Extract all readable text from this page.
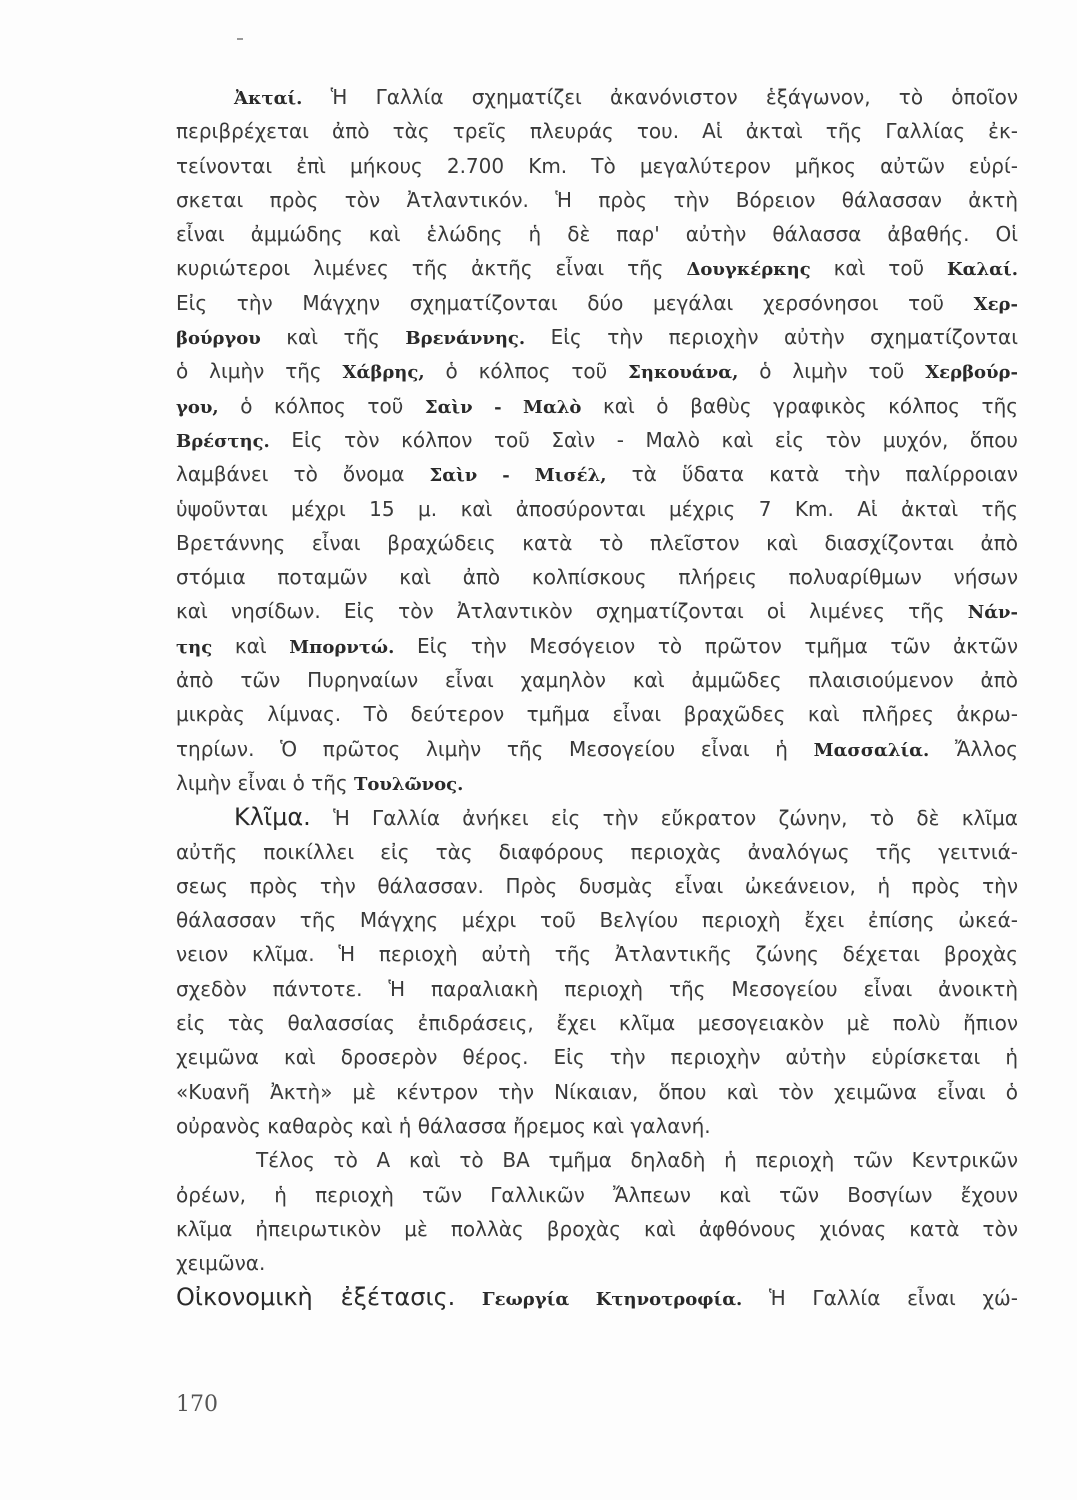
Ἀκταί. Ἡ Γαλλία σχηματίζει ἀκανόνιστον ἑξάγωνον, τὸ ὁποῖον
περιβρέχεται ἀπὸ τὰς τρεῖς πλευράς του. Αἱ ἀκταὶ τῆς Γαλλίας ἐκ-
τείνονται ἐπὶ μήκους 2.700 Km. Τὸ μεγαλύτερον μῆκος αὐτῶν εὑρί-
σκεται πρὸς τὸν Ἀτλαντικόν. Ἡ πρὸς τὴν Βόρειον θάλασσαν ἀκτὴ
εἶναι ἀμμώδης καὶ ἑλώδης ἡ δὲ παρ' αὐτὴν θάλασσα ἀβαθής. Οἱ
κυριώτεροι λιμένες τῆς ἀκτῆς εἶναι τῆς Δουγκέρκης καὶ τοῦ Καλαί.
Εἰς τὴν Μάγχην σχηματίζονται δύο μεγάλαι χερσόνησοι τοῦ Χερ-
βούργου καὶ τῆς Βρενάννης. Εἰς τὴν περιοχὴν αὐτὴν σχηματίζονται
ὁ λιμὴν τῆς Χάβρης, ὁ κόλπος τοῦ Σηκουάνα, ὁ λιμὴν τοῦ Χερβούρ-
γου, ὁ κόλπος τοῦ Σαὶν - Μαλὸ καὶ ὁ βαθὺς γραφικὸς κόλπος τῆς
Βρέστης. Εἰς τὸν κόλπον τοῦ Σαὶν - Μαλὸ καὶ εἰς τὸν μυχόν, ὅπου
λαμβάνει τὸ ὄνομα Σαὶν - Μισέλ, τὰ ὕδατα κατὰ τὴν παλίρροιαν
ὑψοῦνται μέχρι 15 μ. καὶ ἀποσύρονται μέχρις 7 Km. Αἱ ἀκταὶ τῆς
Βρετάννης εἶναι βραχώδεις κατὰ τὸ πλεῖστον καὶ διασχίζονται ἀπὸ
στόμια ποταμῶν καὶ ἀπὸ κολπίσκους πλήρεις πολυαρίθμων νήσων
καὶ νησίδων. Εἰς τὸν Ἀτλαντικὸν σχηματίζονται οἱ λιμένες τῆς Νάν-
της καὶ Μπορντώ. Εἰς τὴν Μεσόγειον τὸ πρῶτον τμῆμα τῶν ἀκτῶν
ἀπὸ τῶν Πυρηναίων εἶναι χαμηλὸν καὶ ἀμμῶδες πλαισιούμενον ἀπὸ
μικρὰς λίμνας. Τὸ δεύτερον τμῆμα εἶναι βραχῶδες καὶ πλῆρες ἀκρω-
τηρίων. Ὁ πρῶτος λιμὴν τῆς Μεσογείου εἶναι ἡ Μασσαλία. Ἄλλος
λιμὴν εἶναι ὁ τῆς Τουλῶνος.
Κλῖμα. Ἡ Γαλλία ἀνήκει εἰς τὴν εὔκρατον ζώνην, τὸ δὲ κλῖμα
αὐτῆς ποικίλλει εἰς τὰς διαφόρους περιοχὰς ἀναλόγως τῆς γειτνιά-
σεως πρὸς τὴν θάλασσαν. Πρὸς δυσμὰς εἶναι ὠκεάνειον, ἡ πρὸς τὴν
θάλασσαν τῆς Μάγχης μέχρι τοῦ Βελγίου περιοχὴ ἔχει ἐπίσης ὠκεά-
νειον κλῖμα. Ἡ περιοχὴ αὐτὴ τῆς Ἀτλαντικῆς ζώνης δέχεται βροχὰς
σχεδὸν πάντοτε. Ἡ παραλιακὴ περιοχὴ τῆς Μεσογείου εἶναι ἀνοικτὴ
εἰς τὰς θαλασσίας ἐπιδράσεις, ἔχει κλῖμα μεσογειακὸν μὲ πολὺ ἤπιον
χειμῶνα καὶ δροσερὸν θέρος. Εἰς τὴν περιοχὴν αὐτὴν εὑρίσκεται ἡ
«Κυανῆ Ἀκτὴ» μὲ κέντρον τὴν Νίκαιαν, ὅπου καὶ τὸν χειμῶνα εἶναι ὁ
οὐρανὸς καθαρὸς καὶ ἡ θάλασσα ἤρεμος καὶ γαλανή.
Τέλος τὸ Α καὶ τὸ ΒΑ τμῆμα δηλαδὴ ἡ περιοχὴ τῶν Κεντρικῶν
ὀρέων, ἡ περιοχὴ τῶν Γαλλικῶν Ἄλπεων καὶ τῶν Βοσγίων ἔχουν
κλῖμα ἠπειρωτικὸν μὲ πολλὰς βροχὰς καὶ ἀφθόνους χιόνας κατὰ τὸν
χειμῶνα.
Οἰκονομικὴ ἐξέτασις. Γεωργία Κτηνοτροφία. Ἡ Γαλλία εἶναι χώ-
170
